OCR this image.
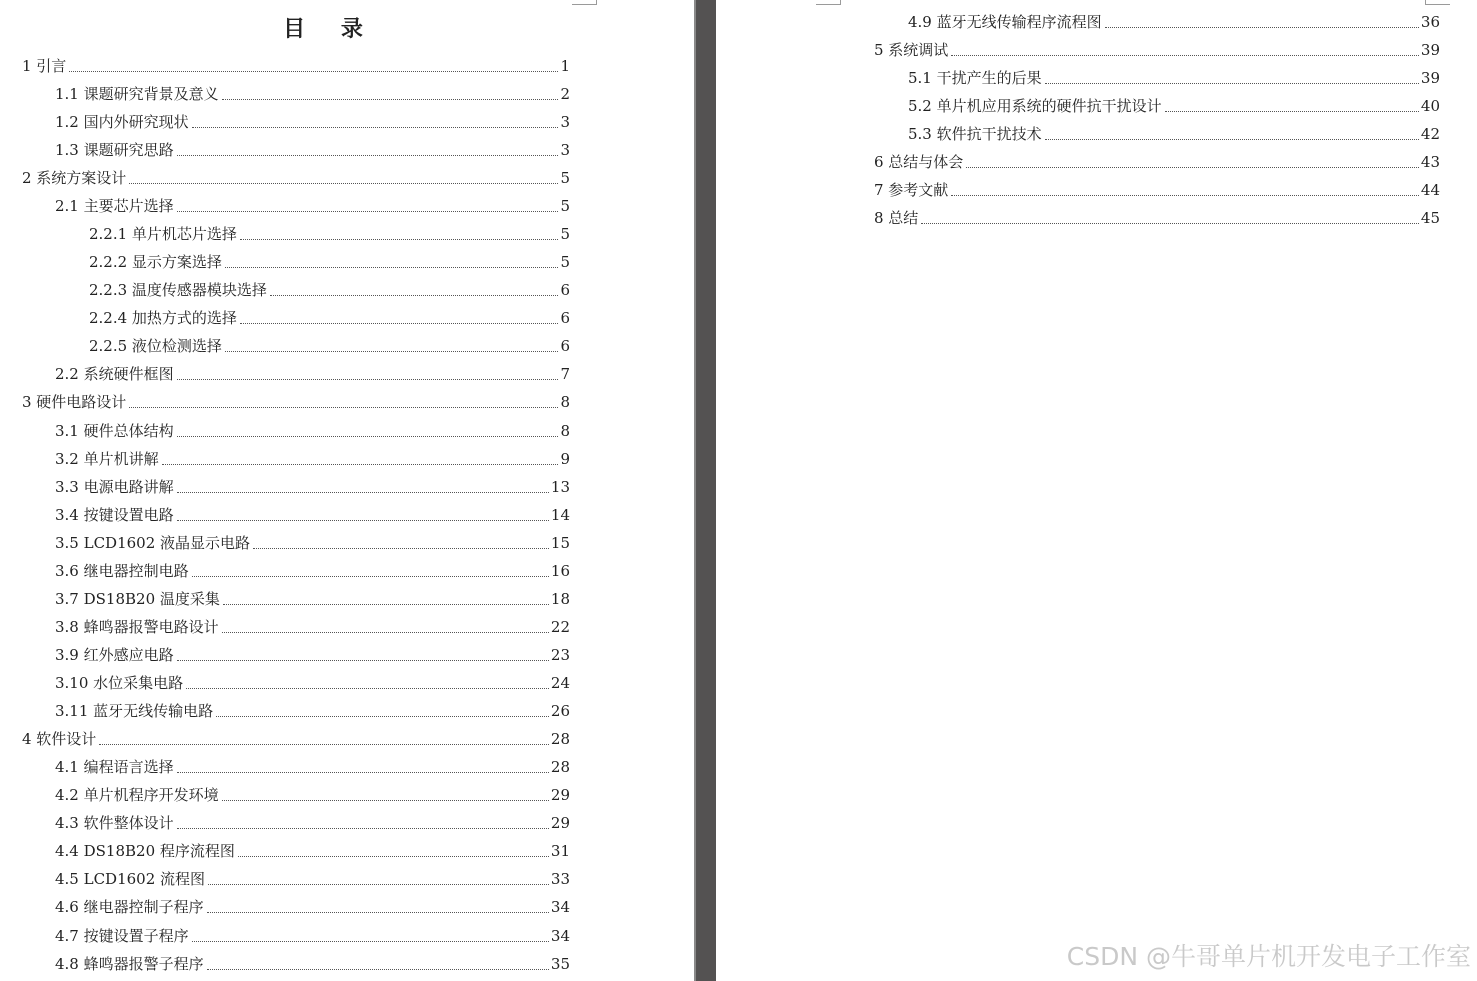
目 录
1 引言	1
1.1 课题研究背景及意义	2
1.2 国内外研究现状	3
1.3 课题研究思路	3
2 系统方案设计	5
2.1 主要芯片选择	5
2.2.1 单片机芯片选择	5
2.2.2 显示方案选择	5
2.2.3 温度传感器模块选择	6
2.2.4 加热方式的选择	6
2.2.5 液位检测选择	6
2.2 系统硬件框图	7
3 硬件电路设计	8
3.1 硬件总体结构	8
3.2 单片机讲解	9
3.3 电源电路讲解	13
3.4 按键设置电路	14
3.5 LCD1602 液晶显示电路	15
3.6 继电器控制电路	16
3.7 DS18B20 温度采集	18
3.8 蜂鸣器报警电路设计	22
3.9 红外感应电路	23
3.10 水位采集电路	24
3.11 蓝牙无线传输电路	26
4 软件设计	28
4.1 编程语言选择	28
4.2 单片机程序开发环境	29
4.3 软件整体设计	29
4.4 DS18B20 程序流程图	31
4.5 LCD1602 流程图	33
4.6 继电器控制子程序	34
4.7 按键设置子程序	34
4.8 蜂鸣器报警子程序	35
4.9 蓝牙无线传输程序流程图	36
5 系统调试	39
5.1 干扰产生的后果	39
5.2 单片机应用系统的硬件抗干扰设计	40
5.3 软件抗干扰技术	42
6 总结与体会	43
7 参考文献	44
8 总结	45
CSDN @牛哥单片机开发电子工作室
